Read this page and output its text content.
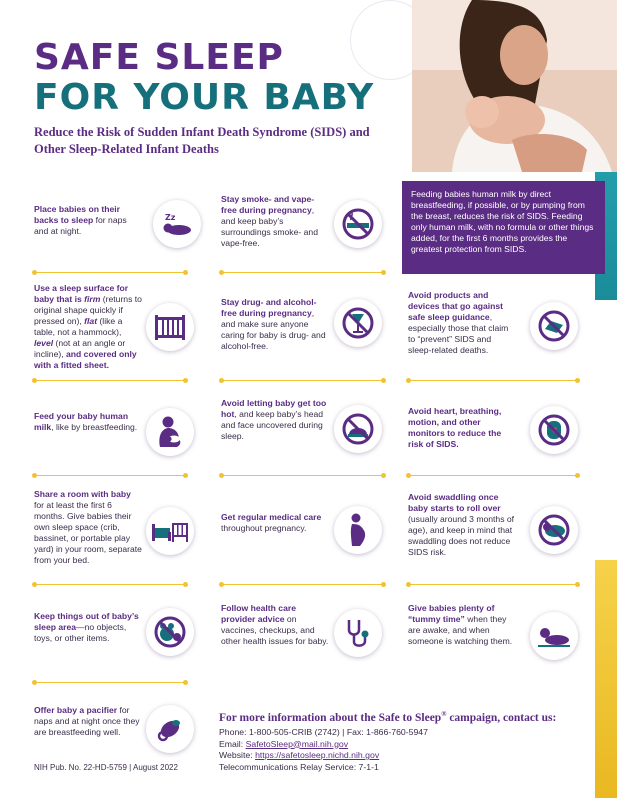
SAFE SLEEP
FOR YOUR BABY
Reduce the Risk of Sudden Infant Death Syndrome (SIDS) and Other Sleep-Related Infant Deaths
Feeding babies human milk by direct breastfeeding, if possible, or by pumping from the breast, reduces the risk of SIDS. Feeding only human milk, with no formula or other things added, for the first 6 months provides the greatest protection from SIDS.
Place babies on their backs to sleep for naps and at night.
Zz
Use a sleep surface for baby that is firm (returns to original shape quickly if pressed on), flat (like a table, not a hammock), level (not at an angle or incline), and covered only with a fitted sheet.
Feed your baby human milk, like by breastfeeding.
Share a room with baby for at least the first 6 months. Give babies their own sleep space (crib, bassinet, or portable play yard) in your room, separate from your bed.
Keep things out of baby’s sleep area—no objects, toys, or other items.
Offer baby a pacifier for naps and at night once they are breastfeeding well.
Stay smoke- and vape-free during pregnancy, and keep baby’s surroundings smoke- and vape-free.
Stay drug- and alcohol-free during pregnancy, and make sure anyone caring for baby is drug- and alcohol-free.
Avoid letting baby get too hot, and keep baby’s head and face uncovered during sleep.
Get regular medical care throughout pregnancy.
Follow health care provider advice on vaccines, checkups, and other health issues for baby.
Avoid products and devices that go against safe sleep guidance, especially those that claim to “prevent” SIDS and sleep-related deaths.
Avoid heart, breathing, motion, and other monitors to reduce the risk of SIDS.
Avoid swaddling once baby starts to roll over (usually around 3 months of age), and keep in mind that swaddling does not reduce SIDS risk.
Give babies plenty of “tummy time” when they are awake, and when someone is watching them.
For more information about the Safe to Sleep® campaign, contact us:
Phone: 1-800-505-CRIB (2742) | Fax: 1-866-760-5947
Email: SafetoSleep@mail.nih.gov
Website: https://safetosleep.nichd.nih.gov
Telecommunications Relay Service: 7-1-1
NIH Pub. No. 22-HD-5759 | August 2022
